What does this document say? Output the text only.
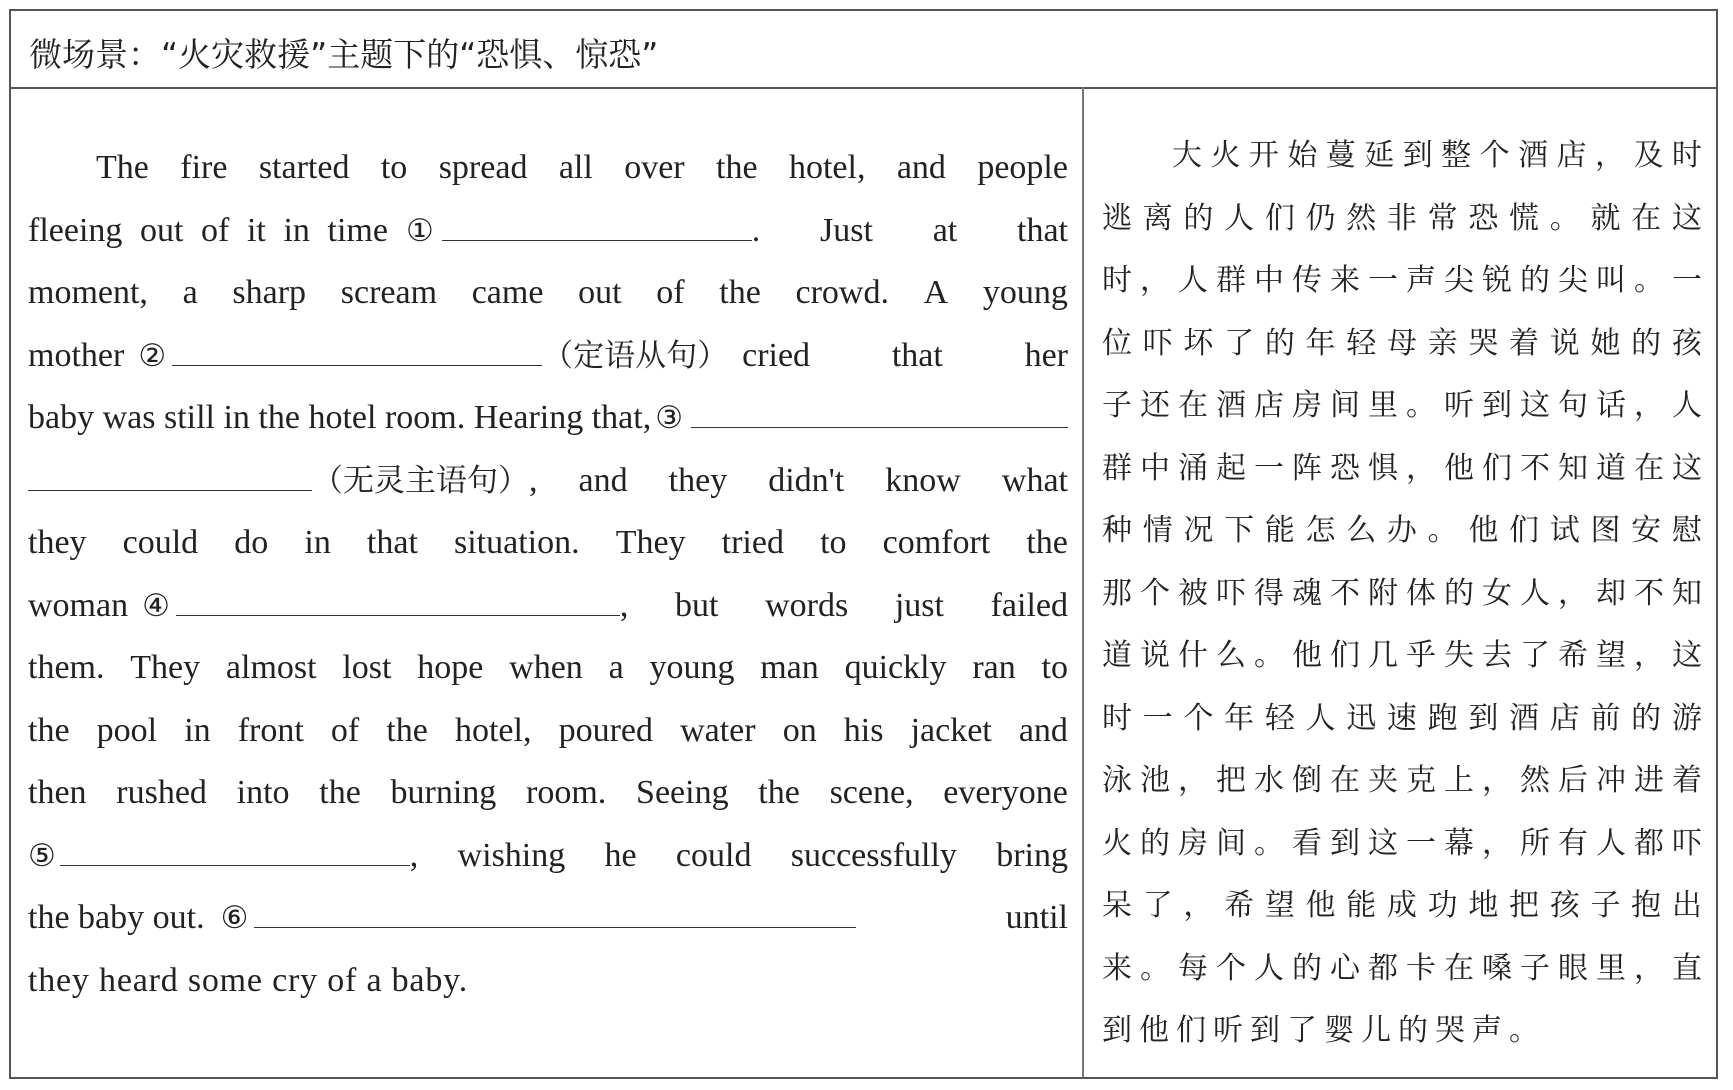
微场景：“火灾救援”主题下的“恐惧、惊恐”
The fire started to spread all over the hotel, and people
fleeing out of it in time ①	. Just at that
moment, a sharp scream came out of the crowd. A young
mother ②	（定语从句） cried that her
baby was still in the hotel room. Hearing that, ③
（无灵主语句） , and they didn't know what
they could do in that situation. They tried to comfort the
woman ④	, but words just failed
them. They almost lost hope when a young man quickly ran to
the pool in front of the hotel, poured water on his jacket and
then rushed into the burning room. Seeing the scene, everyone
⑤	, wishing he could successfully bring
the baby out. ⑥	until
they heard some cry of a baby.
大 火 开 始 蔓 延 到 整 个 酒 店 ， 及 时
逃 离 的 人 们 仍 然 非 常 恐 慌 。 就 在 这
时 ， 人 群 中 传 来 一 声 尖 锐 的 尖 叫 。 一
位 吓 坏 了 的 年 轻 母 亲 哭 着 说 她 的 孩
子 还 在 酒 店 房 间 里 。 听 到 这 句 话 ， 人
群 中 涌 起 一 阵 恐 惧 ， 他 们 不 知 道 在 这
种 情 况 下 能 怎 么 办 。 他 们 试 图 安 慰
那 个 被 吓 得 魂 不 附 体 的 女 人 ， 却 不 知
道 说 什 么 。 他 们 几 乎 失 去 了 希 望 ， 这
时 一 个 年 轻 人 迅 速 跑 到 酒 店 前 的 游
泳 池 ， 把 水 倒 在 夹 克 上 ， 然 后 冲 进 着
火 的 房 间 。 看 到 这 一 幕 ， 所 有 人 都 吓
呆 了 ， 希 望 他 能 成 功 地 把 孩 子 抱 出
来 。 每 个 人 的 心 都 卡 在 嗓 子 眼 里 ， 直
到 他 们 听 到 了 婴 儿 的 哭 声 。
